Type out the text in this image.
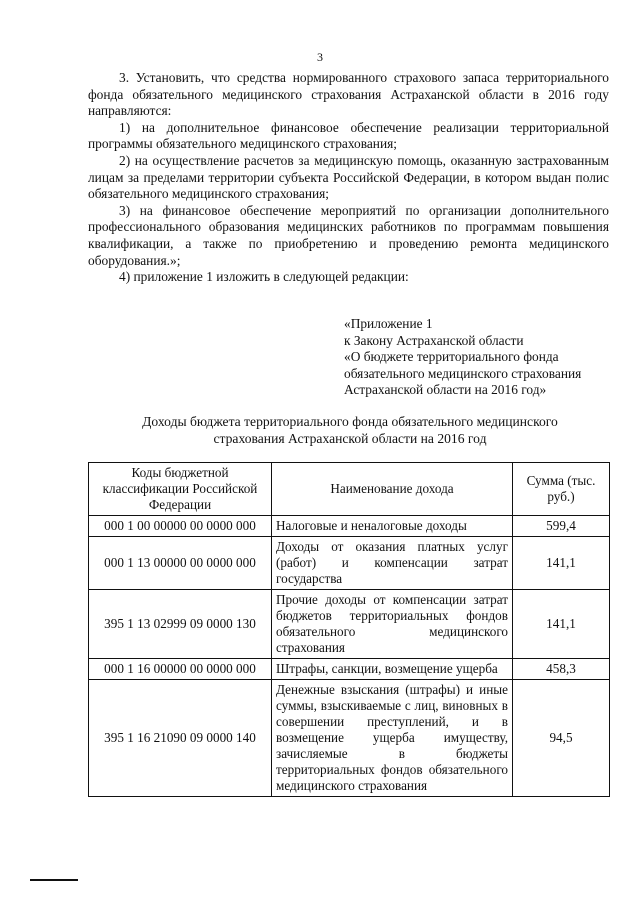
3

3. Установить, что средства нормированного страхового запаса территориального фонда обязательного медицинского страхования Астраханской области в 2016 году направляются:

1) на дополнительное финансовое обеспечение реализации территориальной программы обязательного медицинского страхования;

2) на осуществление расчетов за медицинскую помощь, оказанную застрахованным лицам за пределами территории субъекта Российской Федерации, в котором выдан полис обязательного медицинского страхования;

3) на финансовое обеспечение мероприятий по организации дополнительного профессионального образования медицинских работников по программам повышения квалификации, а также по приобретению и проведению ремонта медицинского оборудования.»;

4) приложение 1 изложить в следующей редакции:

«Приложение 1
к Закону Астраханской области
«О бюджете территориального фонда
обязательного медицинского страхования
Астраханской области на 2016 год»
Доходы бюджета территориального фонда обязательного медицинского
страхования Астраханской области на 2016 год
Коды бюджетной классификации Российской Федерации	Наименование дохода	Сумма (тыс. руб.)
000 1 00 00000 00 0000 000	Налоговые и неналоговые доходы	599,4
000 1 13 00000 00 0000 000	Доходы от оказания платных услуг (работ) и компенсации затрат государства	141,1
395 1 13 02999 09 0000 130	Прочие доходы от компенсации затрат бюджетов территориальных фондов обязательного медицинского страхования	141,1
000 1 16 00000 00 0000 000	Штрафы, санкции, возмещение ущерба	458,3
395 1 16 21090 09 0000 140	Денежные взыскания (штрафы) и иные суммы, взыскиваемые с лиц, виновных в совершении преступлений, и в возмещение ущерба имуществу, зачисляемые в бюджеты территориальных фондов обязательного медицинского страхования	94,5
